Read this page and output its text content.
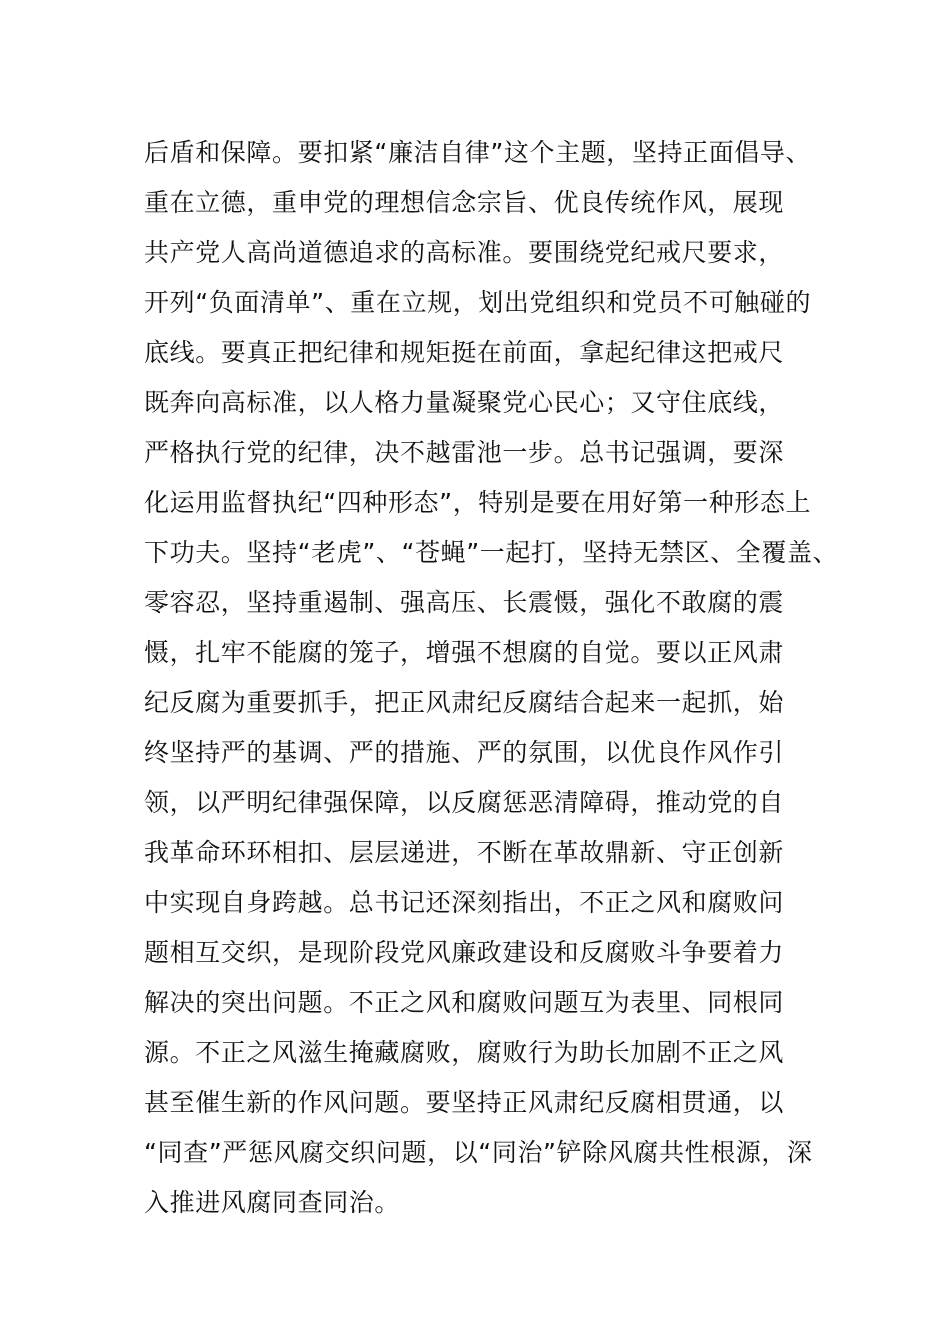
后盾和保障。要扣紧“廉洁自律”这个主题，坚持正面倡导、
重在立德，重申党的理想信念宗旨、优良传统作风，展现
共产党人高尚道德追求的高标准。要围绕党纪戒尺要求，
开列“负面清单”、重在立规，划出党组织和党员不可触碰的
底线。要真正把纪律和规矩挺在前面，拿起纪律这把戒尺
既奔向高标准，以人格力量凝聚党心民心；又守住底线，
严格执行党的纪律，决不越雷池一步。总书记强调，要深
化运用监督执纪“四种形态”，特别是要在用好第一种形态上
下功夫。坚持“老虎”、“苍蝇”一起打，坚持无禁区、全覆盖、
零容忍，坚持重遏制、强高压、长震慑，强化不敢腐的震
慑，扎牢不能腐的笼子，增强不想腐的自觉。要以正风肃
纪反腐为重要抓手，把正风肃纪反腐结合起来一起抓，始
终坚持严的基调、严的措施、严的氛围，以优良作风作引
领，以严明纪律强保障，以反腐惩恶清障碍，推动党的自
我革命环环相扣、层层递进，不断在革故鼎新、守正创新
中实现自身跨越。总书记还深刻指出，不正之风和腐败问
题相互交织，是现阶段党风廉政建设和反腐败斗争要着力
解决的突出问题。不正之风和腐败问题互为表里、同根同
源。不正之风滋生掩藏腐败，腐败行为助长加剧不正之风
甚至催生新的作风问题。要坚持正风肃纪反腐相贯通，以
“同查”严惩风腐交织问题，以“同治”铲除风腐共性根源，深
入推进风腐同查同治。
